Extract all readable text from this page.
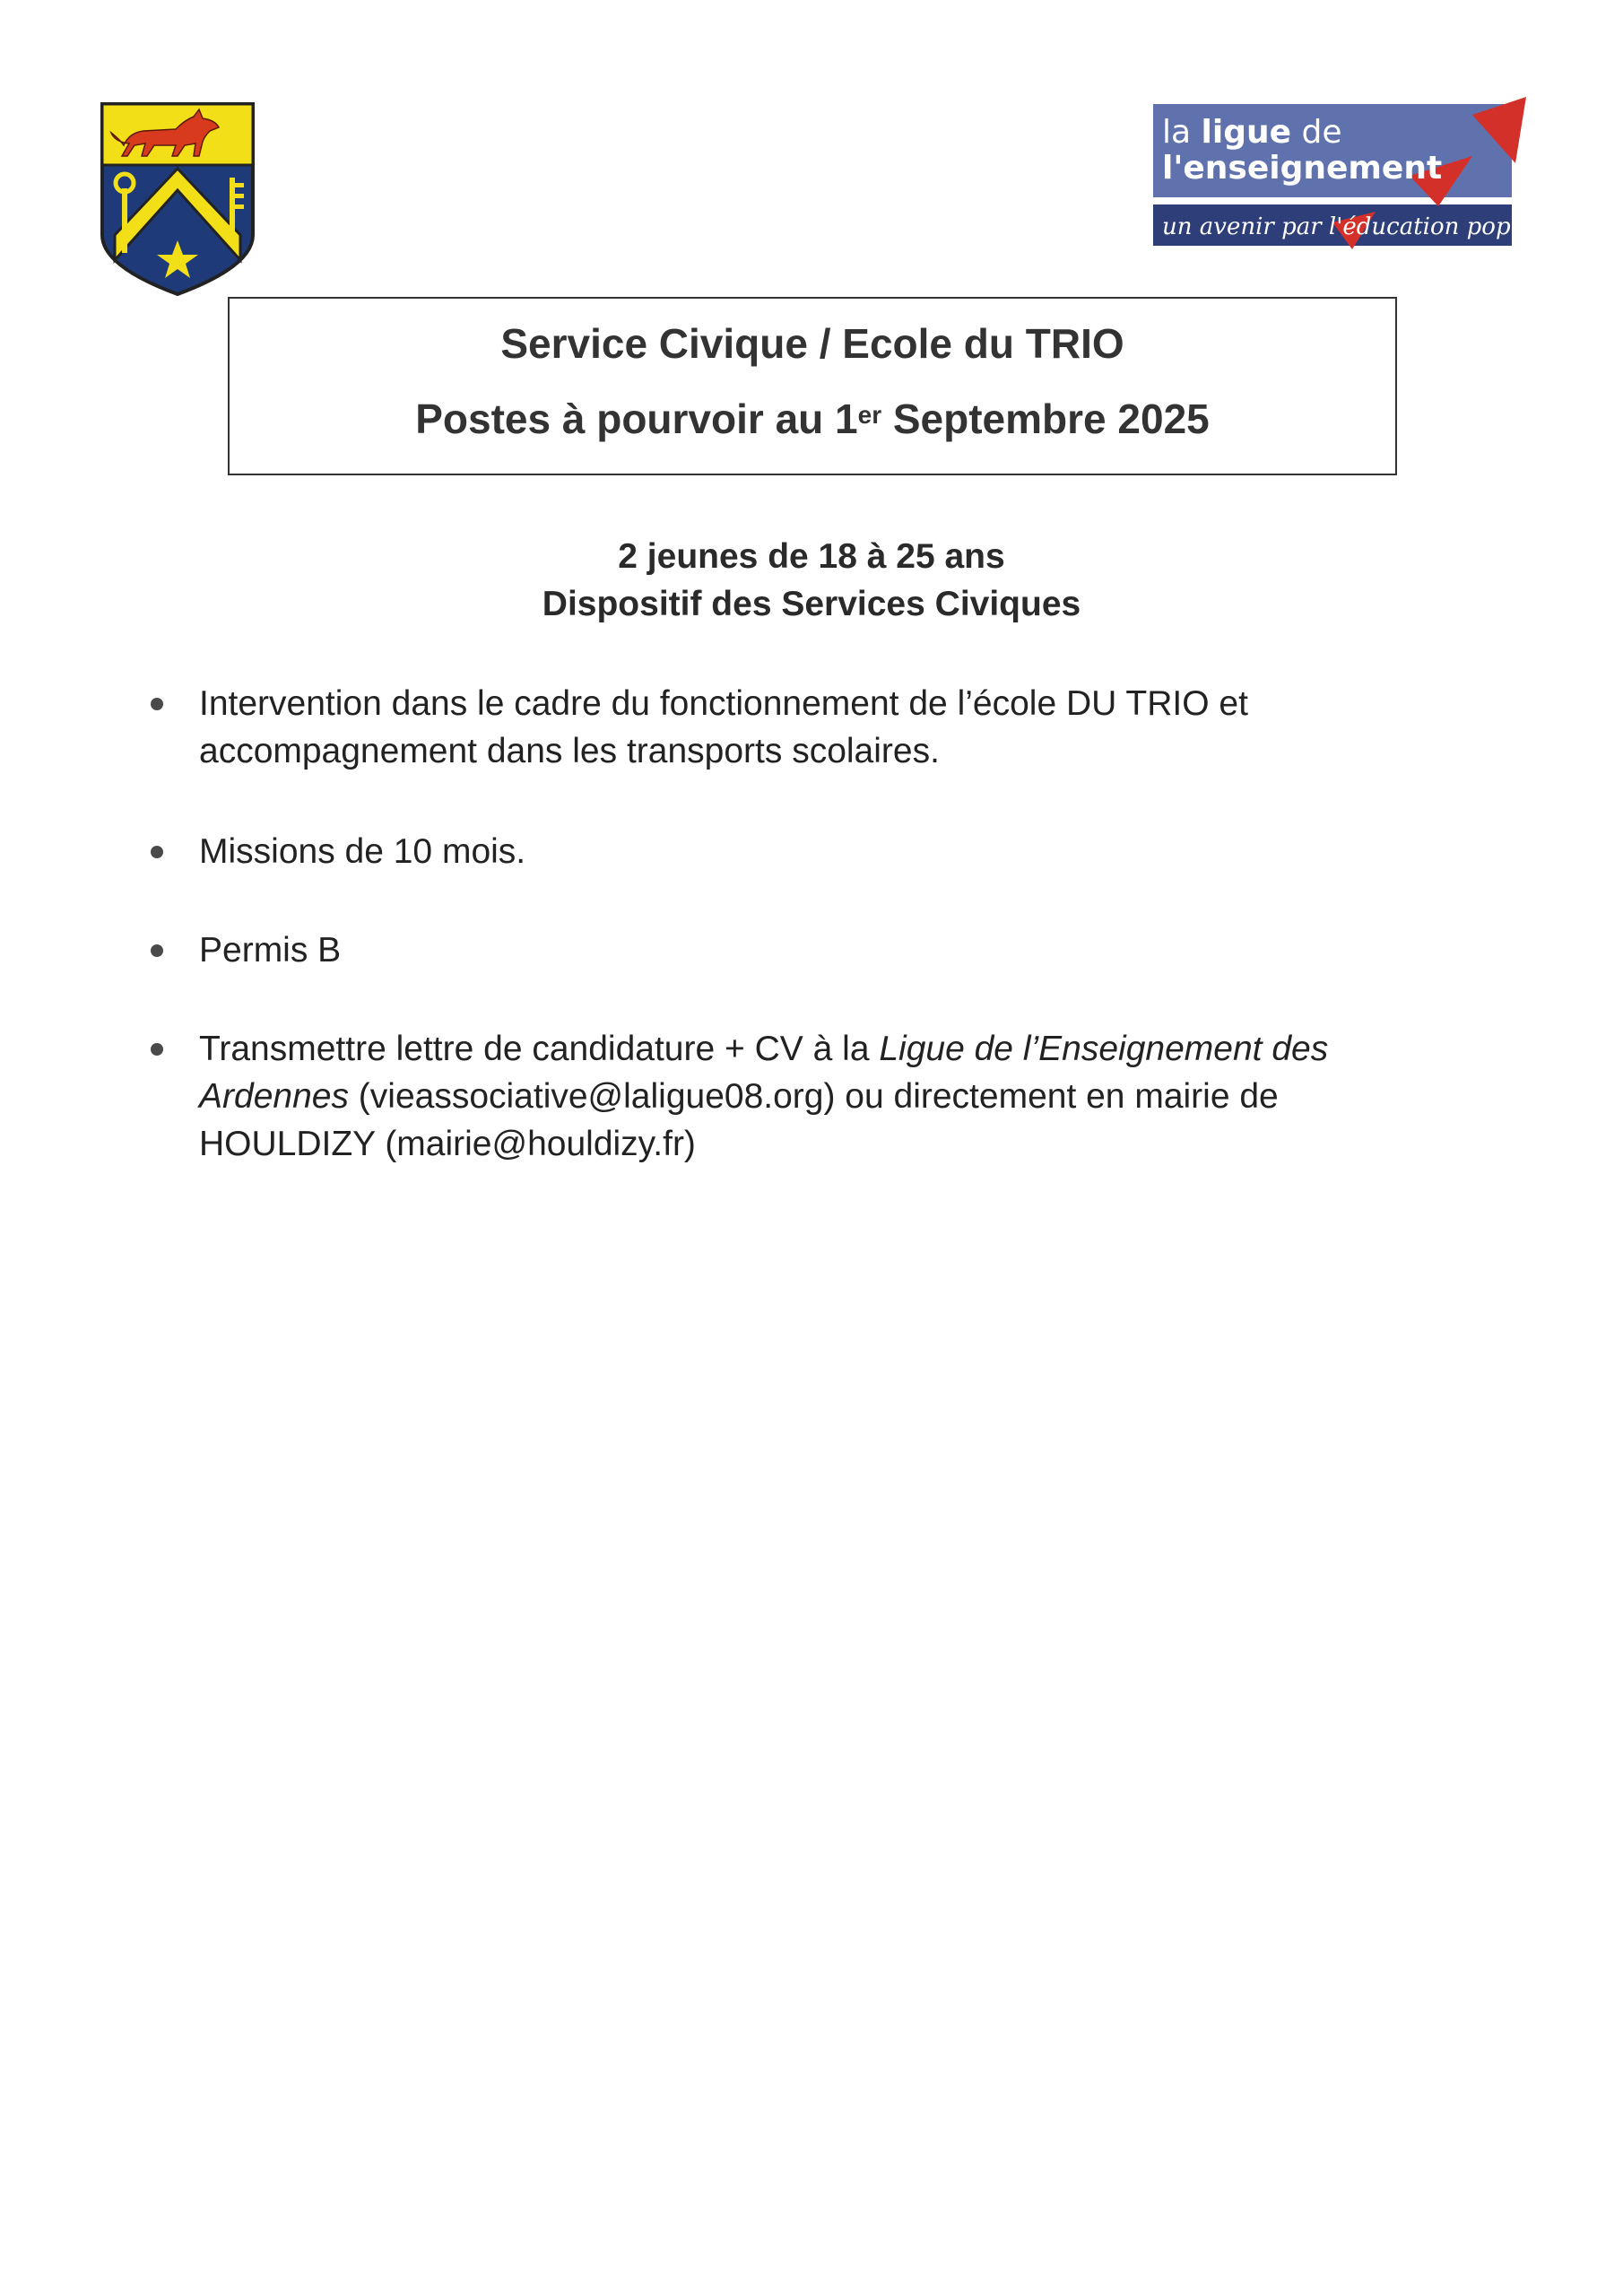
la ligue de
l'enseignement
un avenir par l'éducation populaire
Service Civique / Ecole du TRIO
Postes à pourvoir au 1er Septembre 2025
2 jeunes de 18 à 25 ans
Dispositif des Services Civiques
Intervention dans le cadre du fonctionnement de l’école DU TRIO et
accompagnement dans les transports scolaires.
Missions de 10 mois.
Permis B
Transmettre lettre de candidature + CV à la Ligue de l’Enseignement des
Ardennes (vieassociative@laligue08.org) ou directement en mairie de
HOULDIZY (mairie@houldizy.fr)
